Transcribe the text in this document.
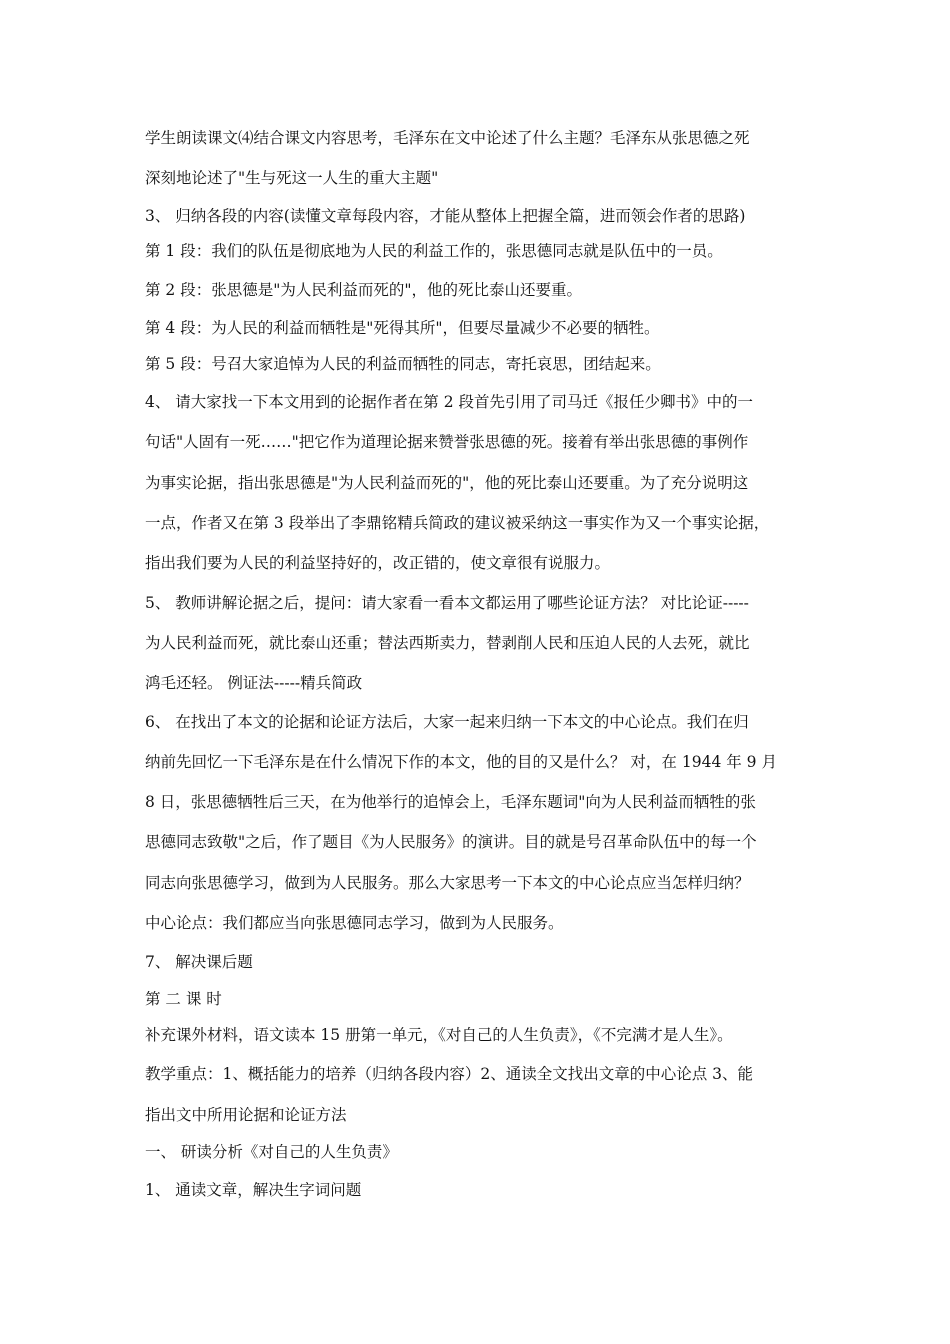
学生朗读课文⑷结合课文内容思考，毛泽东在文中论述了什么主题？毛泽东从张思德之死
深刻地论述了"生与死这一人生的重大主题"
3、 归纳各段的内容(读懂文章每段内容，才能从整体上把握全篇，进而领会作者的思路)
第 1 段：我们的队伍是彻底地为人民的利益工作的，张思德同志就是队伍中的一员。
第 2 段：张思德是"为人民利益而死的"，他的死比泰山还要重。
第 4 段：为人民的利益而牺牲是"死得其所"，但要尽量减少不必要的牺牲。
第 5 段：号召大家追悼为人民的利益而牺牲的同志，寄托哀思，团结起来。
4、 请大家找一下本文用到的论据作者在第 2 段首先引用了司马迁《报任少卿书》中的一
句话"人固有一死……"把它作为道理论据来赞誉张思德的死。接着有举出张思德的事例作
为事实论据，指出张思德是"为人民利益而死的"，他的死比泰山还要重。为了充分说明这
一点，作者又在第 3 段举出了李鼎铭精兵简政的建议被采纳这一事实作为又一个事实论据，
指出我们要为人民的利益坚持好的，改正错的，使文章很有说服力。
5、 教师讲解论据之后，提问：请大家看一看本文都运用了哪些论证方法？ 对比论证-----
为人民利益而死，就比泰山还重；替法西斯卖力，替剥削人民和压迫人民的人去死，就比
鸿毛还轻。 例证法-----精兵简政
6、 在找出了本文的论据和论证方法后，大家一起来归纳一下本文的中心论点。我们在归
纳前先回忆一下毛泽东是在什么情况下作的本文，他的目的又是什么？ 对，在 1944 年 9 月
8 日，张思德牺牲后三天，在为他举行的追悼会上，毛泽东题词"向为人民利益而牺牲的张
思德同志致敬"之后，作了题目《为人民服务》的演讲。目的就是号召革命队伍中的每一个
同志向张思德学习，做到为人民服务。那么大家思考一下本文的中心论点应当怎样归纳？
中心论点：我们都应当向张思德同志学习，做到为人民服务。
7、 解决课后题
第 二 课 时
补充课外材料，语文读本 15 册第一单元，《对自己的人生负责》，《不完满才是人生》。
教学重点：1、概括能力的培养（归纳各段内容）2、通读全文找出文章的中心论点 3、能
指出文中所用论据和论证方法
一、 研读分析《对自己的人生负责》
1、 通读文章，解决生字词问题
